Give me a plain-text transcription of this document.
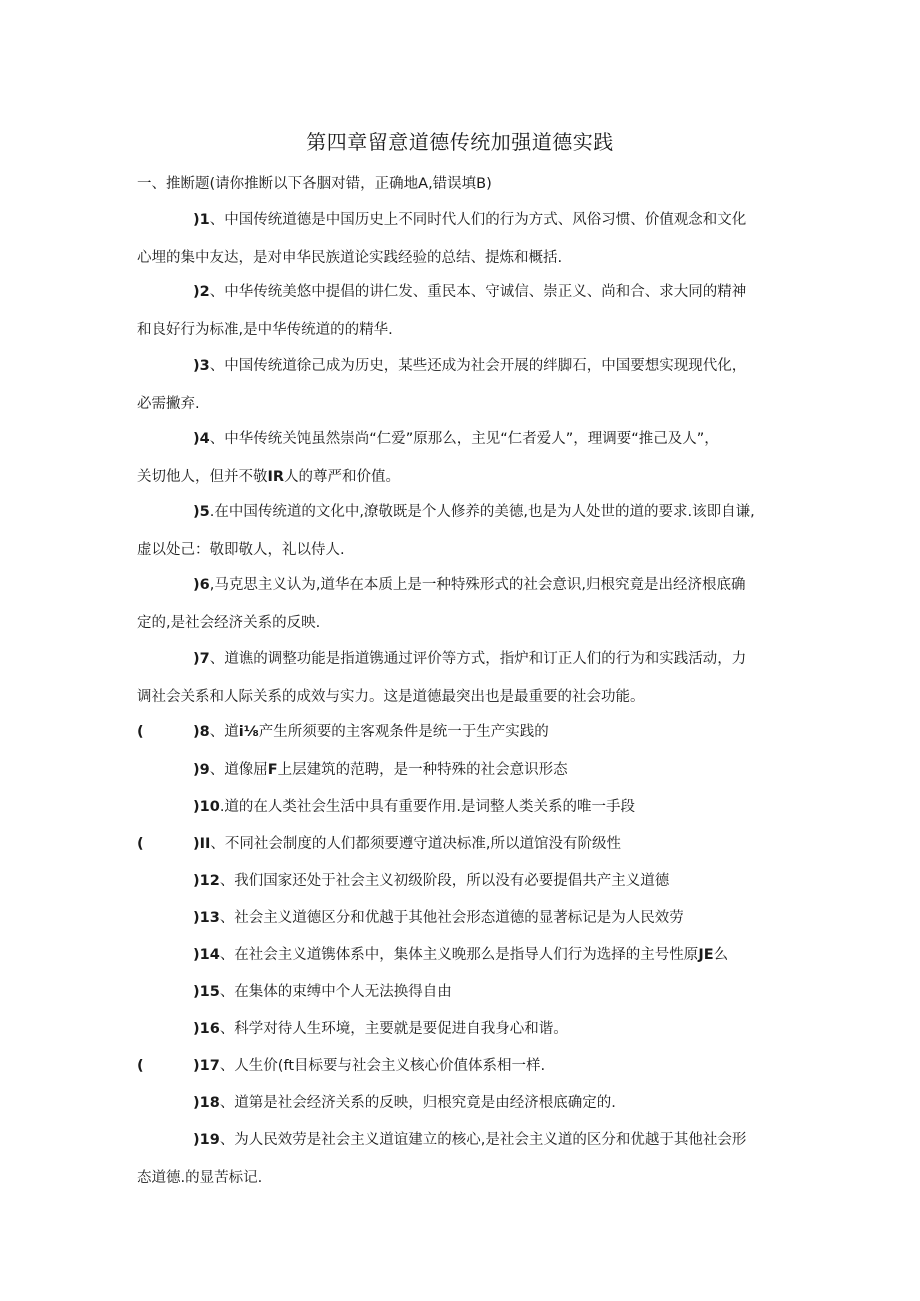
第四章留意道德传统加强道德实践
一、推断题(请你推断以下各胭对错，正确地A,错误填B)
)1、中国传统道德是中国历史上不同时代人们的行为方式、风俗习惯、价值观念和文化
心埋的集中友达，是对申华民族道论实践经验的总结、提炼和概括.
)2、中华传统美悠中提倡的讲仁发、重民本、守诚信、崇正义、尚和合、求大同的精神
和良好行为标准,是中华传统道的的精华.
)3、中国传统道徐己成为历史，某些还成为社会开展的绊脚石，中国要想实现现代化，
必需撇弃.
)4、中华传统关饨虽然崇尚“仁爱”原那么，主见“仁者爱人”，理调要“推己及人”，
关切他人，但并不敬IR人的尊严和价值。
)5.在中国传统道的文化中,潦敬既是个人修养的美德,也是为人处世的道的要求.该即自谦,
虚以处己：敬即敬人，礼以侍人.
)6,马克思主义认为,道华在本质上是一种特殊形式的社会意识,归根究竟是出经济根底确
定的,是社会经济关系的反映.
)7、道谯的调整功能是指道镌通过评价等方式，指炉和订正人们的行为和实践活动，力
调社会关系和人际关系的成效与实力。这是道德最突出也是最重要的社会功能。
(	)8、道i⅛产生所须要的主客观条件是统一于生产实践的
)9、道像屈F上层建筑的范聘，是一种特殊的社会意识形态
)10.道的在人类社会生活中具有重要作用.是词整人类关系的唯一手段
(	)II、不同社会制度的人们都须要遵守道决标准,所以道馆没有阶级性
)12、我们国家还处于社会主义初级阶段，所以没有必要提倡共产主义道德
)13、社会主义道德区分和优越于其他社会形态道德的显著标记是为人民效劳
)14、在社会主义道镌体系中，集体主义晚那么是指导人们行为选择的主号性原JE么
)15、在集体的束缚中个人无法换得自由
)16、科学对待人生环境，主要就是要促进自我身心和谐。
(	)17、人生价(ft目标要与社会主义核心价值体系相一样.
)18、道第是社会经济关系的反映，归根究竟是由经济根底确定的.
)19、为人民效劳是社会主义道谊建立的核心,是社会主义道的区分和优越于其他社会形
态道德.的显苦标记.
